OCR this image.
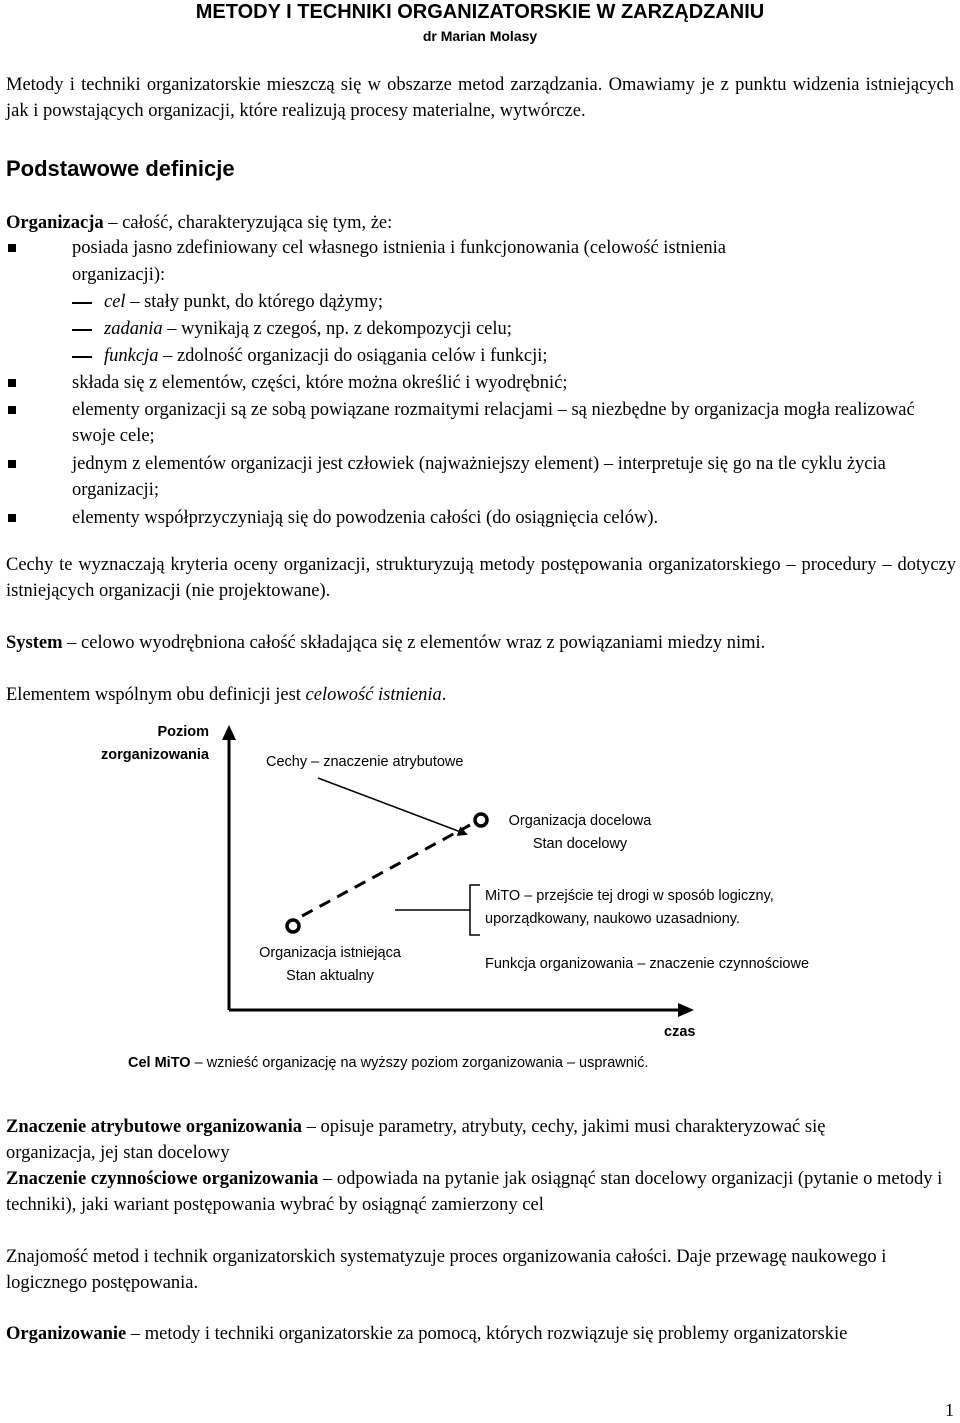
METODY I TECHNIKI ORGANIZATORSKIE W ZARZĄDZANIU
dr Marian Molasy
Metody i techniki organizatorskie mieszczą się w obszarze metod zarządzania. Omawiamy je z punktu widzenia istniejących jak i powstających organizacji, które realizują procesy materialne, wytwórcze.
Podstawowe definicje
Organizacja – całość, charakteryzująca się tym, że:
posiada jasno zdefiniowany cel własnego istnienia i funkcjonowania (celowość istnienia
organizacji):
cel – stały punkt, do którego dążymy;
zadania – wynikają z czegoś, np. z dekompozycji celu;
funkcja – zdolność organizacji do osiągania celów i funkcji;
składa się z elementów, części, które można określić i wyodrębnić;
elementy organizacji są ze sobą powiązane rozmaitymi relacjami – są niezbędne by organizacja mogła realizować swoje cele;
jednym z elementów organizacji jest człowiek (najważniejszy element) – interpretuje się go na tle cyklu życia organizacji;
elementy współprzyczyniają się do powodzenia całości (do osiągnięcia celów).
Cechy te wyznaczają kryteria oceny organizacji, strukturyzują metody postępowania organizatorskiego – procedury – dotyczy istniejących organizacji (nie projektowane).
System – celowo wyodrębniona całość składająca się z elementów wraz z powiązaniami miedzy nimi.
Elementem wspólnym obu definicji jest celowość istnienia.
Poziom
zorganizowania	Cechy – znaczenie atrybutowe
Organizacja docelowa
Stan docelowy
MiTO – przejście tej drogi w sposób logiczny,
uporządkowany, naukowo uzasadniony.
Organizacja istniejąca
Stan aktualny
Funkcja organizowania – znaczenie czynnościowe
czas
Cel MiTO – wznieść organizację na wyższy poziom zorganizowania – usprawnić.
Znaczenie atrybutowe organizowania – opisuje parametry, atrybuty, cechy, jakimi musi charakteryzować się organizacja, jej stan docelowy
Znaczenie czynnościowe organizowania – odpowiada na pytanie jak osiągnąć stan docelowy organizacji (pytanie o metody i techniki), jaki wariant postępowania wybrać by osiągnąć zamierzony cel
Znajomość metod i technik organizatorskich systematyzuje proces organizowania całości. Daje przewagę naukowego i logicznego postępowania.
Organizowanie – metody i techniki organizatorskie za pomocą, których rozwiązuje się problemy organizatorskie
1
